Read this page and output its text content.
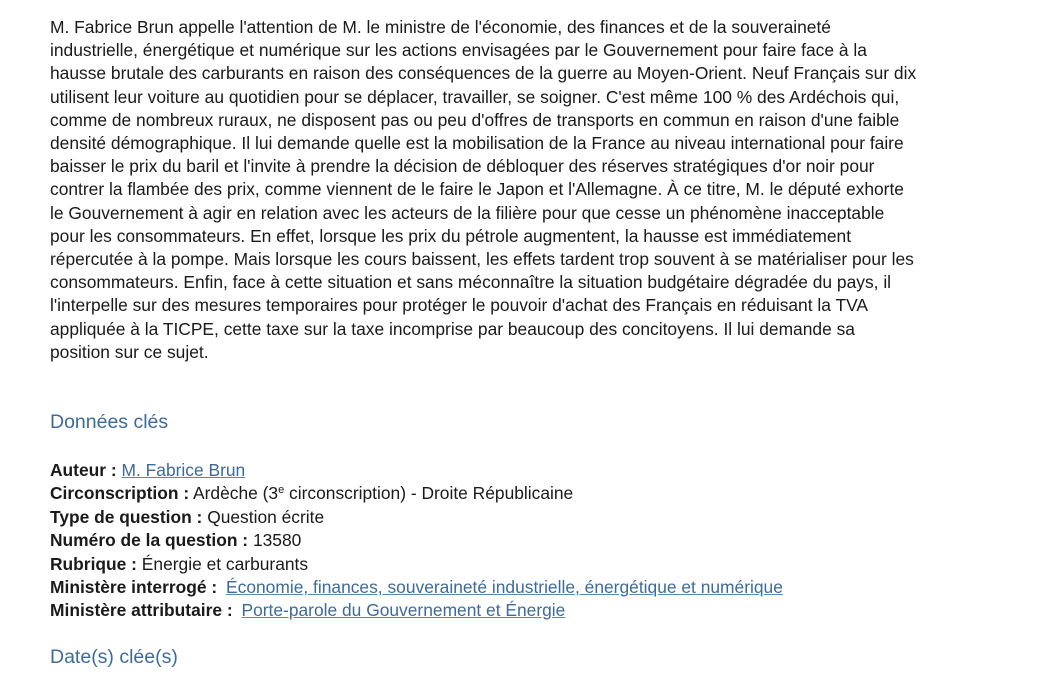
M. Fabrice Brun appelle l'attention de M. le ministre de l'économie, des finances et de la souveraineté
industrielle, énergétique et numérique sur les actions envisagées par le Gouvernement pour faire face à la
hausse brutale des carburants en raison des conséquences de la guerre au Moyen-Orient. Neuf Français sur dix
utilisent leur voiture au quotidien pour se déplacer, travailler, se soigner. C'est même 100 % des Ardéchois qui,
comme de nombreux ruraux, ne disposent pas ou peu d'offres de transports en commun en raison d'une faible
densité démographique. Il lui demande quelle est la mobilisation de la France au niveau international pour faire
baisser le prix du baril et l'invite à prendre la décision de débloquer des réserves stratégiques d'or noir pour
contrer la flambée des prix, comme viennent de le faire le Japon et l'Allemagne. À ce titre, M. le député exhorte
le Gouvernement à agir en relation avec les acteurs de la filière pour que cesse un phénomène inacceptable
pour les consommateurs. En effet, lorsque les prix du pétrole augmentent, la hausse est immédiatement
répercutée à la pompe. Mais lorsque les cours baissent, les effets tardent trop souvent à se matérialiser pour les
consommateurs. Enfin, face à cette situation et sans méconnaître la situation budgétaire dégradée du pays, il
l'interpelle sur des mesures temporaires pour protéger le pouvoir d'achat des Français en réduisant la TVA
appliquée à la TICPE, cette taxe sur la taxe incomprise par beaucoup des concitoyens. Il lui demande sa
position sur ce sujet.

Données clés
Auteur : M. Fabrice Brun
Circonscription : Ardèche (3e circonscription) - Droite Républicaine
Type de question : Question écrite
Numéro de la question : 13580
Rubrique : Énergie et carburants
Ministère interrogé : Économie, finances, souveraineté industrielle, énergétique et numérique
Ministère attributaire : Porte-parole du Gouvernement et Énergie
Date(s) clée(s)
